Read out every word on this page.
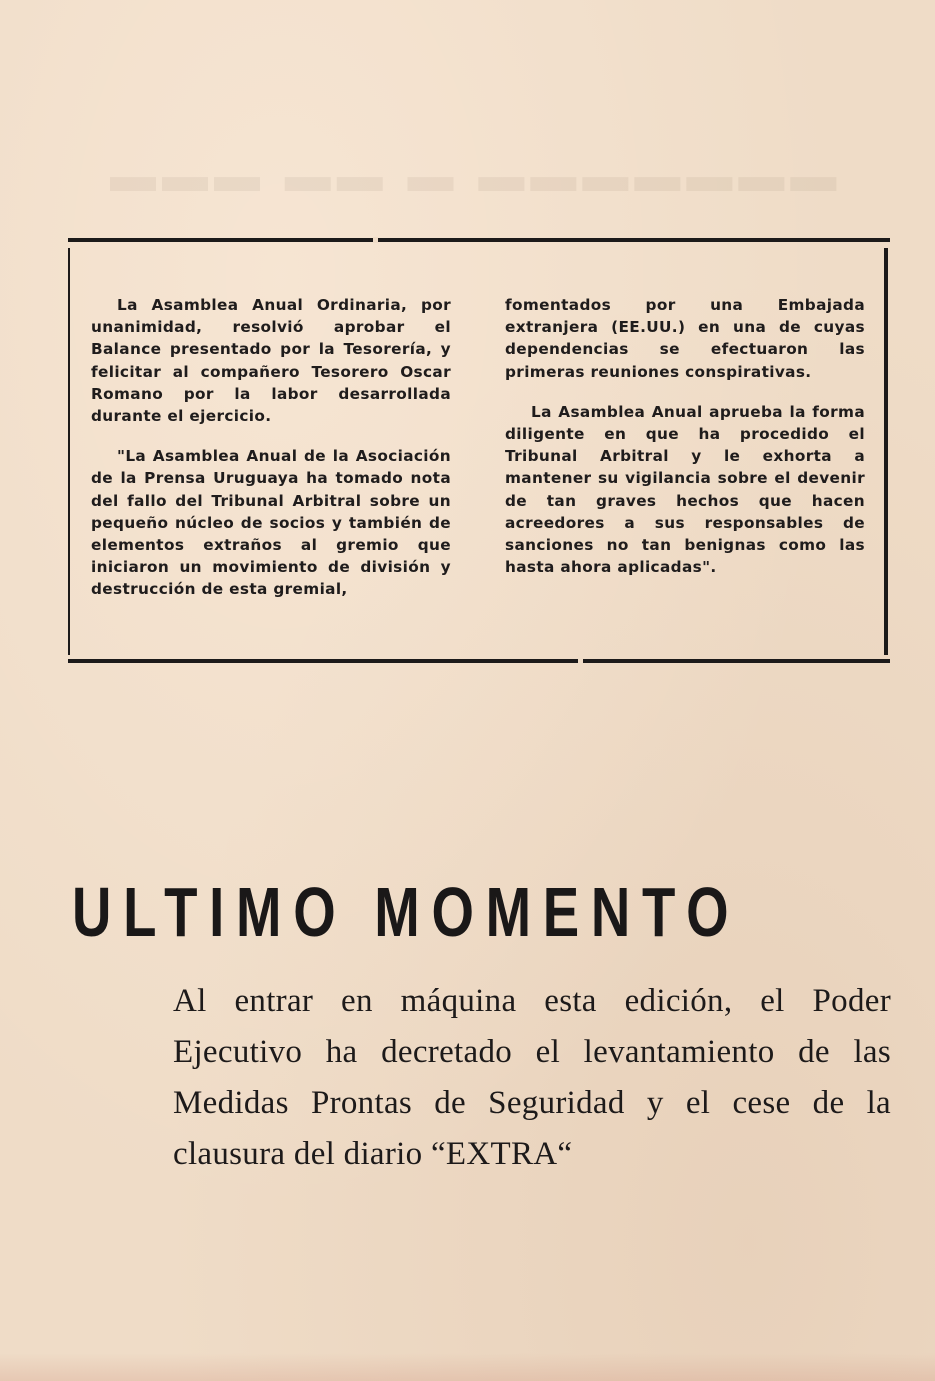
▬▬▬ ▬▬ ▬ ▬▬▬▬▬▬▬

La Asamblea Anual Ordinaria, por unanimidad, resolvió aprobar el Balance presentado por la Tesorería, y felicitar al compañero Tesorero Oscar Romano por la labor desarrollada durante el ejercicio.

"La Asamblea Anual de la Asociación de la Prensa Uruguaya ha tomado nota del fallo del Tribunal Arbitral sobre un pequeño núcleo de socios y también de elementos extraños al gremio que iniciaron un movimiento de división y destrucción de esta gremial,

fomentados por una Embajada extranjera (EE.UU.) en una de cuyas dependencias se efectuaron las primeras reuniones conspirativas.

La Asamblea Anual aprueba la forma diligente en que ha procedido el Tribunal Arbitral y le exhorta a mantener su vigilancia sobre el devenir de tan graves hechos que hacen acreedores a sus responsables de sanciones no tan benignas como las hasta ahora aplicadas".

ULTIMO MOMENTO
Al entrar en máquina esta edición, el Poder Ejecutivo ha decretado el levantamiento de las Medidas Prontas de Seguridad y el cese de la clausura del diario “EXTRA“
